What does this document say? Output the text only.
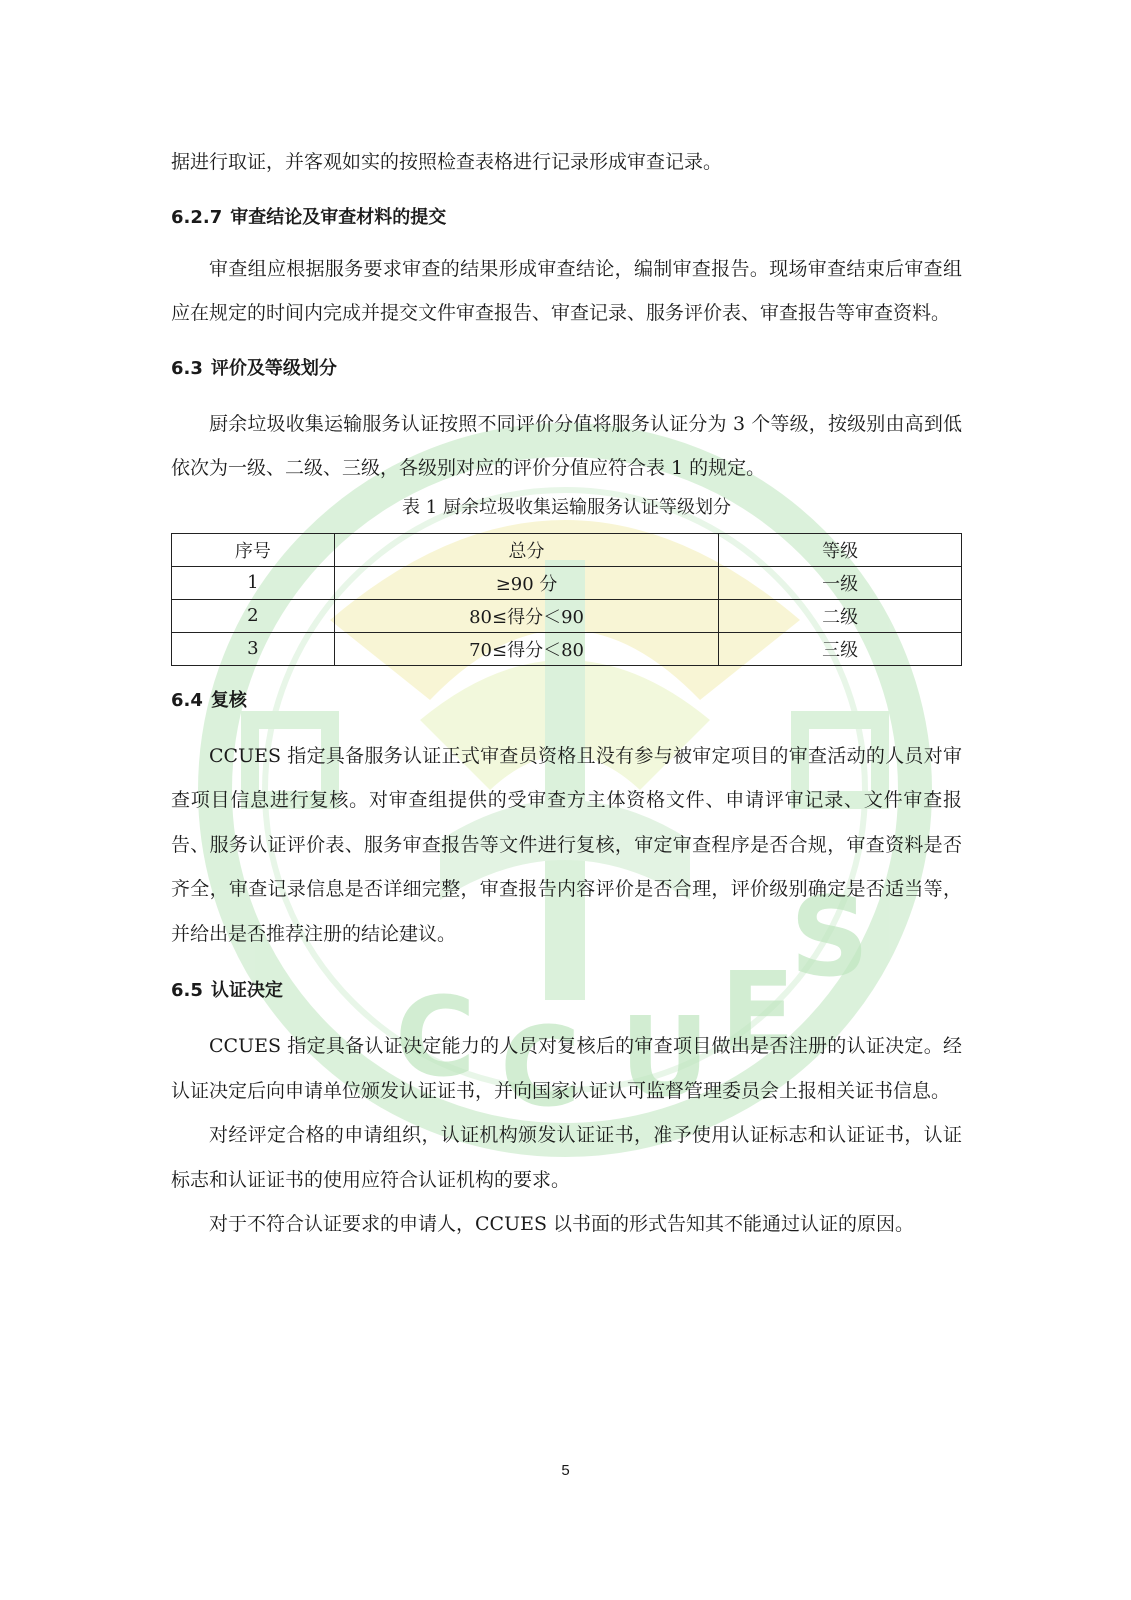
C C U E
S

据进行取证，并客观如实的按照检查表格进行记录形成审查记录。

6.2.7 审查结论及审查材料的提交

审查组应根据服务要求审查的结果形成审查结论，编制审查报告。现场审查结束后审查组应在规定的时间内完成并提交文件审查报告、审查记录、服务评价表、审查报告等审查资料。

6.3 评价及等级划分

厨余垃圾收集运输服务认证按照不同评价分值将服务认证分为 3 个等级，按级别由高到低依次为一级、二级、三级，各级别对应的评价分值应符合表 1 的规定。

表 1 厨余垃圾收集运输服务认证等级划分

序号	总分	等级
1	≥90 分	一级
2	80≤得分＜90	二级
3	70≤得分＜80	三级
6.4 复核

CCUES 指定具备服务认证正式审查员资格且没有参与被审定项目的审查活动的人员对审查项目信息进行复核。对审查组提供的受审查方主体资格文件、申请评审记录、文件审查报告、服务认证评价表、服务审查报告等文件进行复核，审定审查程序是否合规，审查资料是否齐全，审查记录信息是否详细完整，审查报告内容评价是否合理，评价级别确定是否适当等，并给出是否推荐注册的结论建议。

6.5 认证决定

CCUES 指定具备认证决定能力的人员对复核后的审查项目做出是否注册的认证决定。经认证决定后向申请单位颁发认证证书，并向国家认证认可监督管理委员会上报相关证书信息。

对经评定合格的申请组织，认证机构颁发认证证书，准予使用认证标志和认证证书，认证标志和认证证书的使用应符合认证机构的要求。

对于不符合认证要求的申请人，CCUES 以书面的形式告知其不能通过认证的原因。

5
